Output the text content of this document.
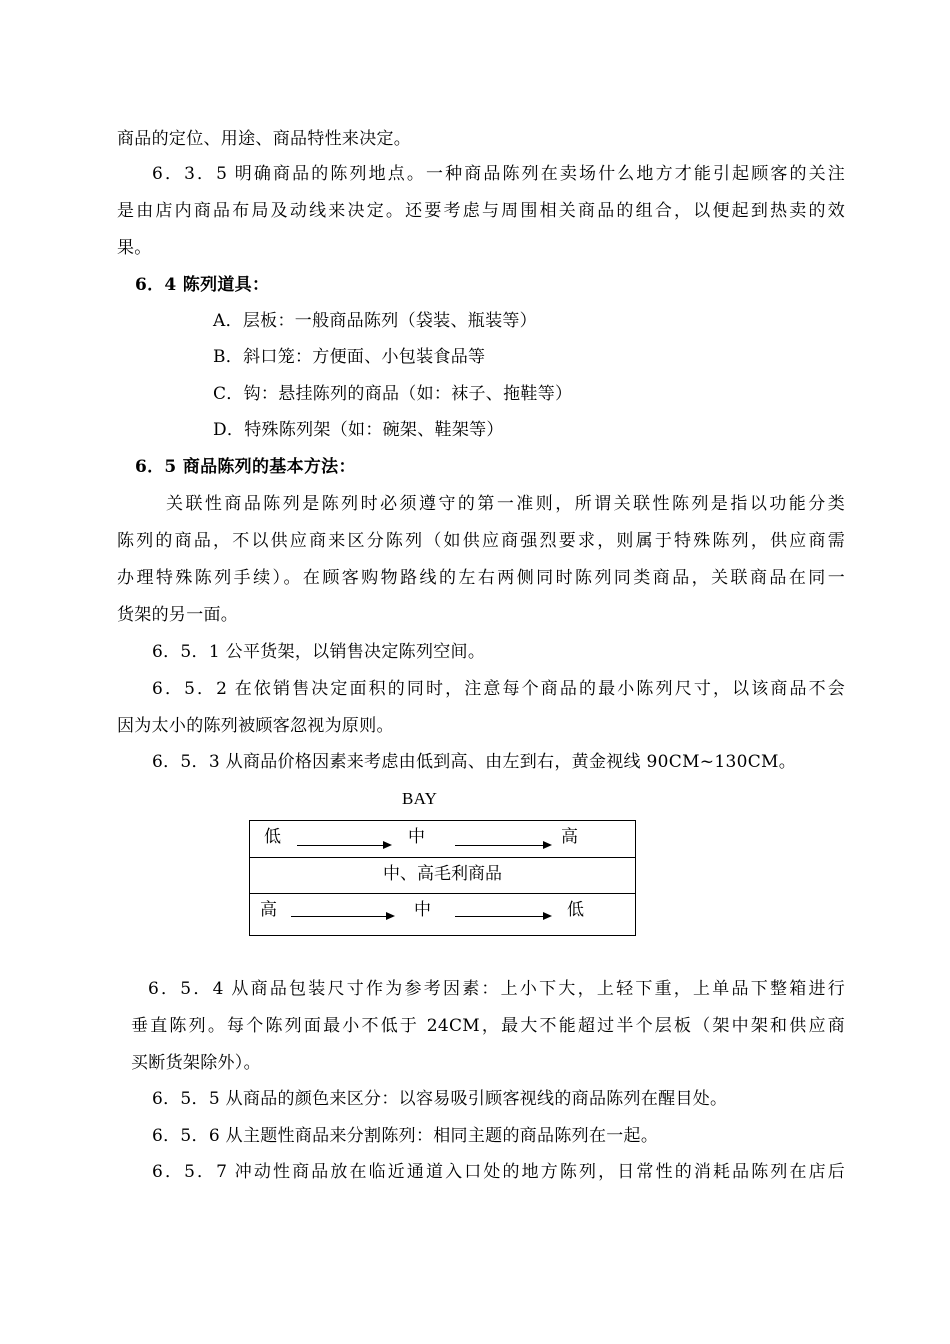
商品的定位、用途、商品特性来决定。
6．3．5 明确商品的陈列地点。一种商品陈列在卖场什么地方才能引起顾客的关注
是由店内商品布局及动线来决定。还要考虑与周围相关商品的组合，以便起到热卖的效
果。
6．4 陈列道具：
A．层板：一般商品陈列（袋装、瓶装等）
B．斜口笼：方便面、小包装食品等
C．钩：悬挂陈列的商品（如：袜子、拖鞋等）
D．特殊陈列架（如：碗架、鞋架等）
6．5 商品陈列的基本方法：
关联性商品陈列是陈列时必须遵守的第一准则，所谓关联性陈列是指以功能分类
陈列的商品，不以供应商来区分陈列（如供应商强烈要求，则属于特殊陈列，供应商需
办理特殊陈列手续）。在顾客购物路线的左右两侧同时陈列同类商品，关联商品在同一
货架的另一面。
6．5．1 公平货架，以销售决定陈列空间。
6．5．2 在依销售决定面积的同时，注意每个商品的最小陈列尺寸，以该商品不会
因为太小的陈列被顾客忽视为原则。
6．5．3 从商品价格因素来考虑由低到高、由左到右，黄金视线 90CM~130CM。
BAY
低	中	高
中、高毛利商品
高	中	低
6．5．4 从商品包装尺寸作为参考因素：上小下大，上轻下重，上单品下整箱进行
垂直陈列。每个陈列面最小不低于 24CM，最大不能超过半个层板（架中架和供应商
买断货架除外）。
6．5．5 从商品的颜色来区分：以容易吸引顾客视线的商品陈列在醒目处。
6．5．6 从主题性商品来分割陈列：相同主题的商品陈列在一起。
6．5．7 冲动性商品放在临近通道入口处的地方陈列，日常性的消耗品陈列在店后
